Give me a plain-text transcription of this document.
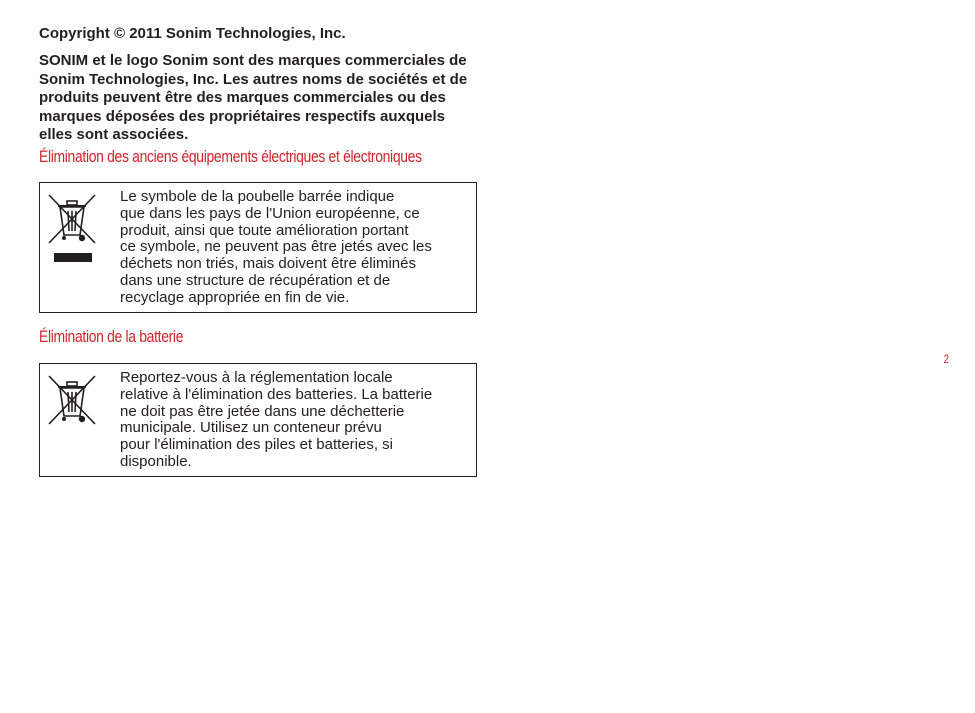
Copyright © 2011 Sonim Technologies, Inc.

SONIM et le logo Sonim sont des marques commerciales de Sonim Technologies, Inc. Les autres noms de sociétés et de produits peuvent être des marques commerciales ou des marques déposées des propriétaires respectifs auxquels elles sont associées.

Élimination des anciens équipements électriques et électroniques

Le symbole de la poubelle barrée indique
que dans les pays de l'Union européenne, ce
produit, ainsi que toute amélioration portant
ce symbole, ne peuvent pas être jetés avec les
déchets non triés, mais doivent être éliminés
dans une structure de récupération et de
recyclage appropriée en fin de vie.

Élimination de la batterie

Reportez-vous à la réglementation locale
relative à l'élimination des batteries. La batterie
ne doit pas être jetée dans une déchetterie
municipale. Utilisez un conteneur prévu
pour l'élimination des piles et batteries, si
disponible.

2
